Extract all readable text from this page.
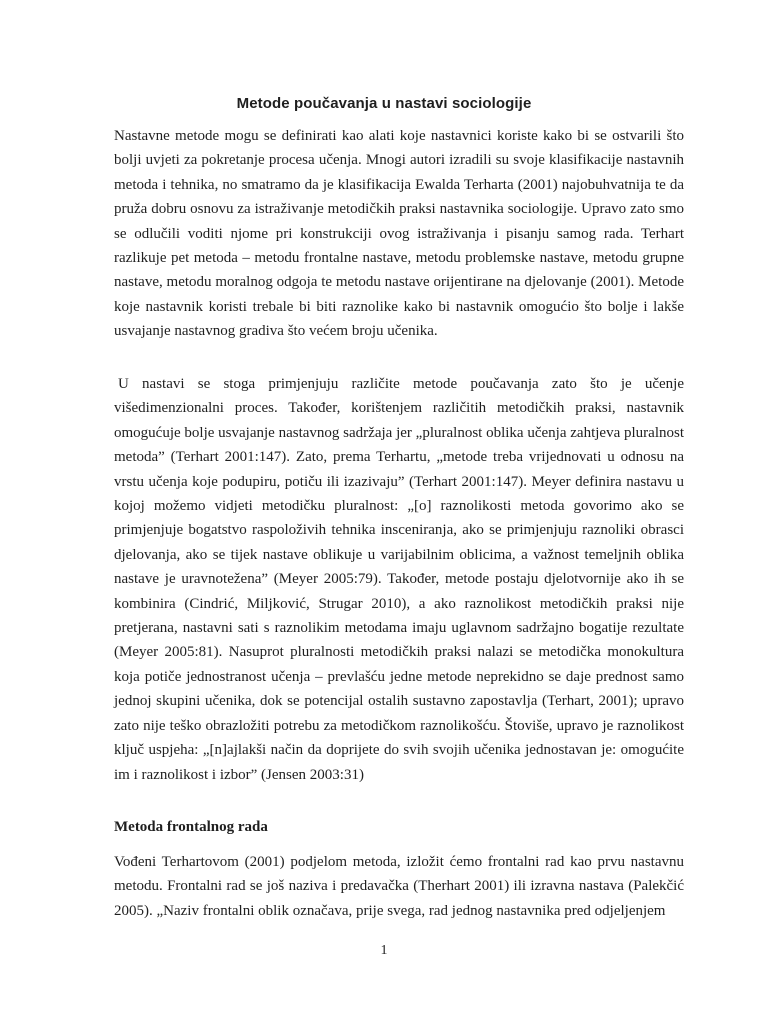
Metode poučavanja u nastavi sociologije

Nastavne metode mogu se definirati kao alati koje nastavnici koriste kako bi se ostvarili što bolji uvjeti za pokretanje procesa učenja. Mnogi autori izradili su svoje klasifikacije nastavnih metoda i tehnika, no smatramo da je klasifikacija Ewalda Terharta (2001) najobuhvatnija te da pruža dobru osnovu za istraživanje metodičkih praksi nastavnika sociologije. Upravo zato smo se odlučili voditi njome pri konstrukciji ovog istraživanja i pisanju samog rada. Terhart razlikuje pet metoda – metodu frontalne nastave, metodu problemske nastave, metodu grupne nastave, metodu moralnog odgoja te metodu nastave orijentirane na djelovanje (2001). Metode koje nastavnik koristi trebale bi biti raznolike kako bi nastavnik omogućio što bolje i lakše usvajanje nastavnog gradiva što većem broju učenika.

U nastavi se stoga primjenjuju različite metode poučavanja zato što je učenje višedimenzionalni proces. Također, korištenjem različitih metodičkih praksi, nastavnik omogućuje bolje usvajanje nastavnog sadržaja jer „pluralnost oblika učenja zahtjeva pluralnost metoda” (Terhart 2001:147). Zato, prema Terhartu, „metode treba vrijednovati u odnosu na vrstu učenja koje podupiru, potiču ili izazivaju” (Terhart 2001:147). Meyer definira nastavu u kojoj možemo vidjeti metodičku pluralnost: „[o] raznolikosti metoda govorimo ako se primjenjuje bogatstvo raspoloživih tehnika insceniranja, ako se primjenjuju raznoliki obrasci djelovanja, ako se tijek nastave oblikuje u varijabilnim oblicima, a važnost temeljnih oblika nastave je uravnotežena” (Meyer 2005:79). Također, metode postaju djelotvornije ako ih se kombinira (Cindrić, Miljković, Strugar 2010), a ako raznolikost metodičkih praksi nije pretjerana, nastavni sati s raznolikim metodama imaju uglavnom sadržajno bogatije rezultate (Meyer 2005:81). Nasuprot pluralnosti metodičkih praksi nalazi se metodička monokultura koja potiče jednostranost učenja – prevlašću jedne metode neprekidno se daje prednost samo jednoj skupini učenika, dok se potencijal ostalih sustavno zapostavlja (Terhart, 2001); upravo zato nije teško obrazložiti potrebu za metodičkom raznolikošću. Štoviše, upravo je raznolikost ključ uspjeha: „[n]ajlakši način da doprijete do svih svojih učenika jednostavan je: omogućite im i raznolikost i izbor” (Jensen 2003:31)

Metoda frontalnog rada

Vođeni Terhartovom (2001) podjelom metoda, izložit ćemo frontalni rad kao prvu nastavnu metodu. Frontalni rad se još naziva i predavačka (Therhart 2001) ili izravna nastava (Palekčić 2005). „Naziv frontalni oblik označava, prije svega, rad jednog nastavnika pred odjeljenjem

1
